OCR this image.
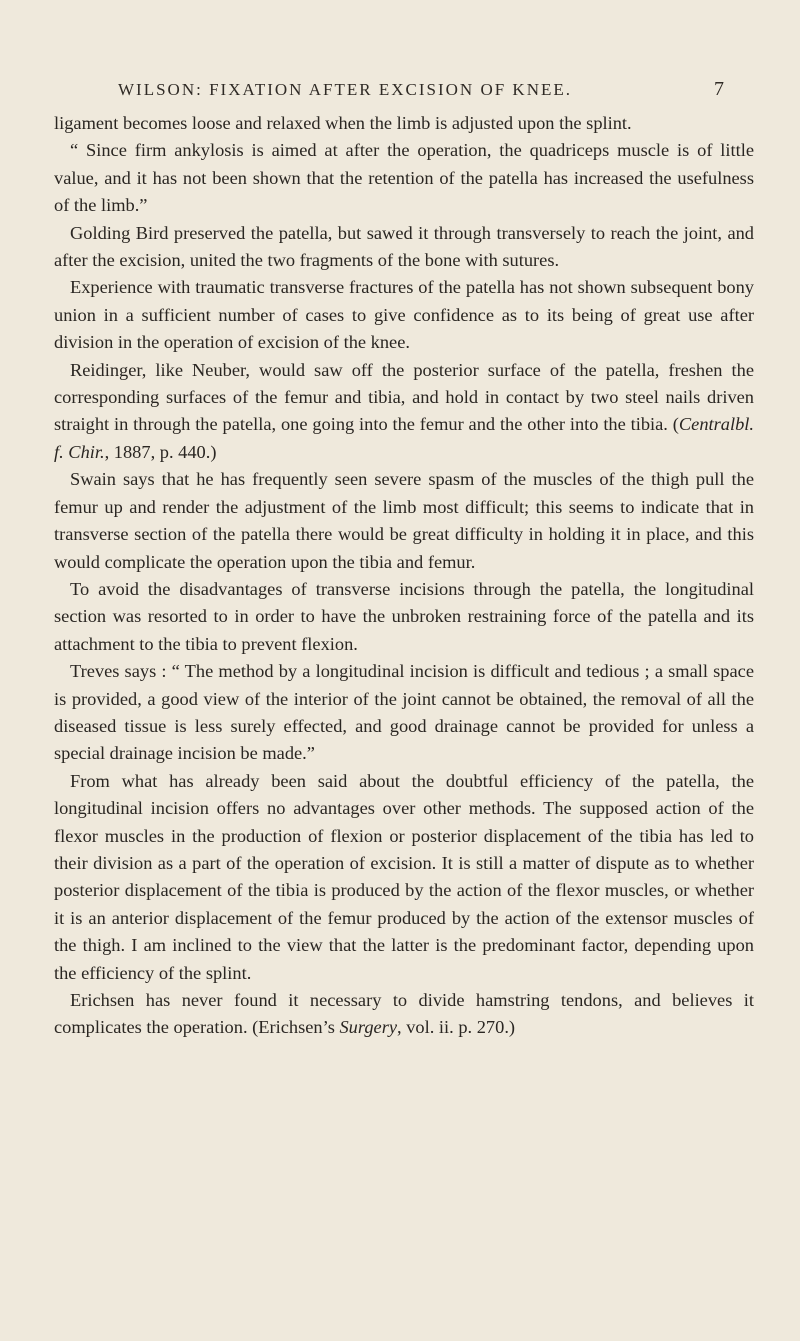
WILSON: FIXATION AFTER EXCISION OF KNEE.	7

ligament becomes loose and relaxed when the limb is adjusted upon the splint.

“ Since firm ankylosis is aimed at after the operation, the quadriceps muscle is of little value, and it has not been shown that the retention of the patella has increased the usefulness of the limb.”

Golding Bird preserved the patella, but sawed it through transversely to reach the joint, and after the excision, united the two fragments of the bone with sutures.

Experience with traumatic transverse fractures of the patella has not shown subsequent bony union in a sufficient number of cases to give confidence as to its being of great use after division in the operation of excision of the knee.

Reidinger, like Neuber, would saw off the posterior surface of the patella, freshen the corresponding surfaces of the femur and tibia, and hold in contact by two steel nails driven straight in through the patella, one going into the femur and the other into the tibia. (Centralbl. f. Chir., 1887, p. 440.)

Swain says that he has frequently seen severe spasm of the muscles of the thigh pull the femur up and render the adjustment of the limb most difficult; this seems to indicate that in transverse section of the patella there would be great difficulty in holding it in place, and this would complicate the operation upon the tibia and femur.

To avoid the disadvantages of transverse incisions through the patella, the longitudinal section was resorted to in order to have the unbroken restraining force of the patella and its attachment to the tibia to prevent flexion.

Treves says : “ The method by a longitudinal incision is difficult and tedious ; a small space is provided, a good view of the interior of the joint cannot be obtained, the removal of all the diseased tissue is less surely effected, and good drainage cannot be provided for unless a special drainage incision be made.”

From what has already been said about the doubtful efficiency of the patella, the longitudinal incision offers no advantages over other methods. The supposed action of the flexor muscles in the production of flexion or posterior displacement of the tibia has led to their division as a part of the operation of excision. It is still a matter of dispute as to whether posterior displacement of the tibia is produced by the action of the flexor muscles, or whether it is an anterior displacement of the femur produced by the action of the extensor muscles of the thigh. I am inclined to the view that the latter is the predominant factor, depending upon the efficiency of the splint.

Erichsen has never found it necessary to divide hamstring tendons, and believes it complicates the operation. (Erichsen’s Surgery, vol. ii. p. 270.)
